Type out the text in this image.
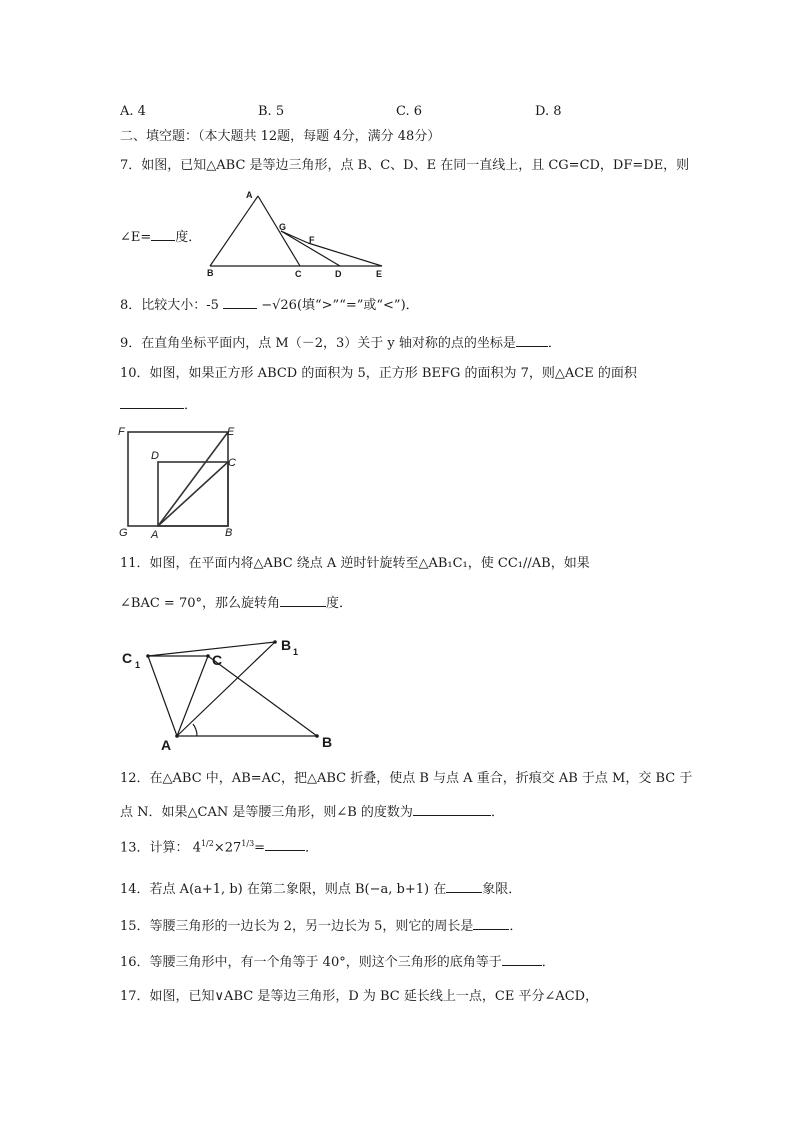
A. 4	B. 5	C. 6	D. 8
二、填空题：（本大题共 12题，每题 4分，满分 48分）
7．如图，已知△ABC 是等边三角形，点 B、C、D、E 在同一直线上，且 CG=CD，DF=DE，则
∠E= 度．
A
B	C	D	E
F
G
8．比较大小：-5	−√26(填“>”“=”或“<”)．
9．在直角坐标平面内，点 M（－2，3）关于 y 轴对称的点的坐标是 ．
10．如图，如果正方形 ABCD 的面积为 5，正方形 BEFG 的面积为 7，则△ACE 的面积
．
F	E
D
C
G A	B
11．如图，在平面内将△ABC 绕点 A 逆时针旋转至△AB₁C₁，使 CC₁//AB，如果
∠BAC = 70°，那么旋转角	度．
C 1	C
B 1
A	B
12．在△ABC 中，AB=AC，把△ABC 折叠，使点 B 与点 A 重合，折痕交 AB 于点 M，交 BC 于
点 N．如果△CAN 是等腰三角形，则∠B 的度数为	．
13．计算： $4^{1/2}\times 27^{1/3}=$	．
14．若点 A(a+1, b) 在第二象限，则点 B(−a, b+1) 在	象限．
15．等腰三角形的一边长为 2，另一边长为 5，则它的周长是	．
16．等腰三角形中，有一个角等于 40°，则这个三角形的底角等于	．
17．如图，已知∨ABC 是等边三角形，D 为 BC 延长线上一点，CE 平分∠ACD，
